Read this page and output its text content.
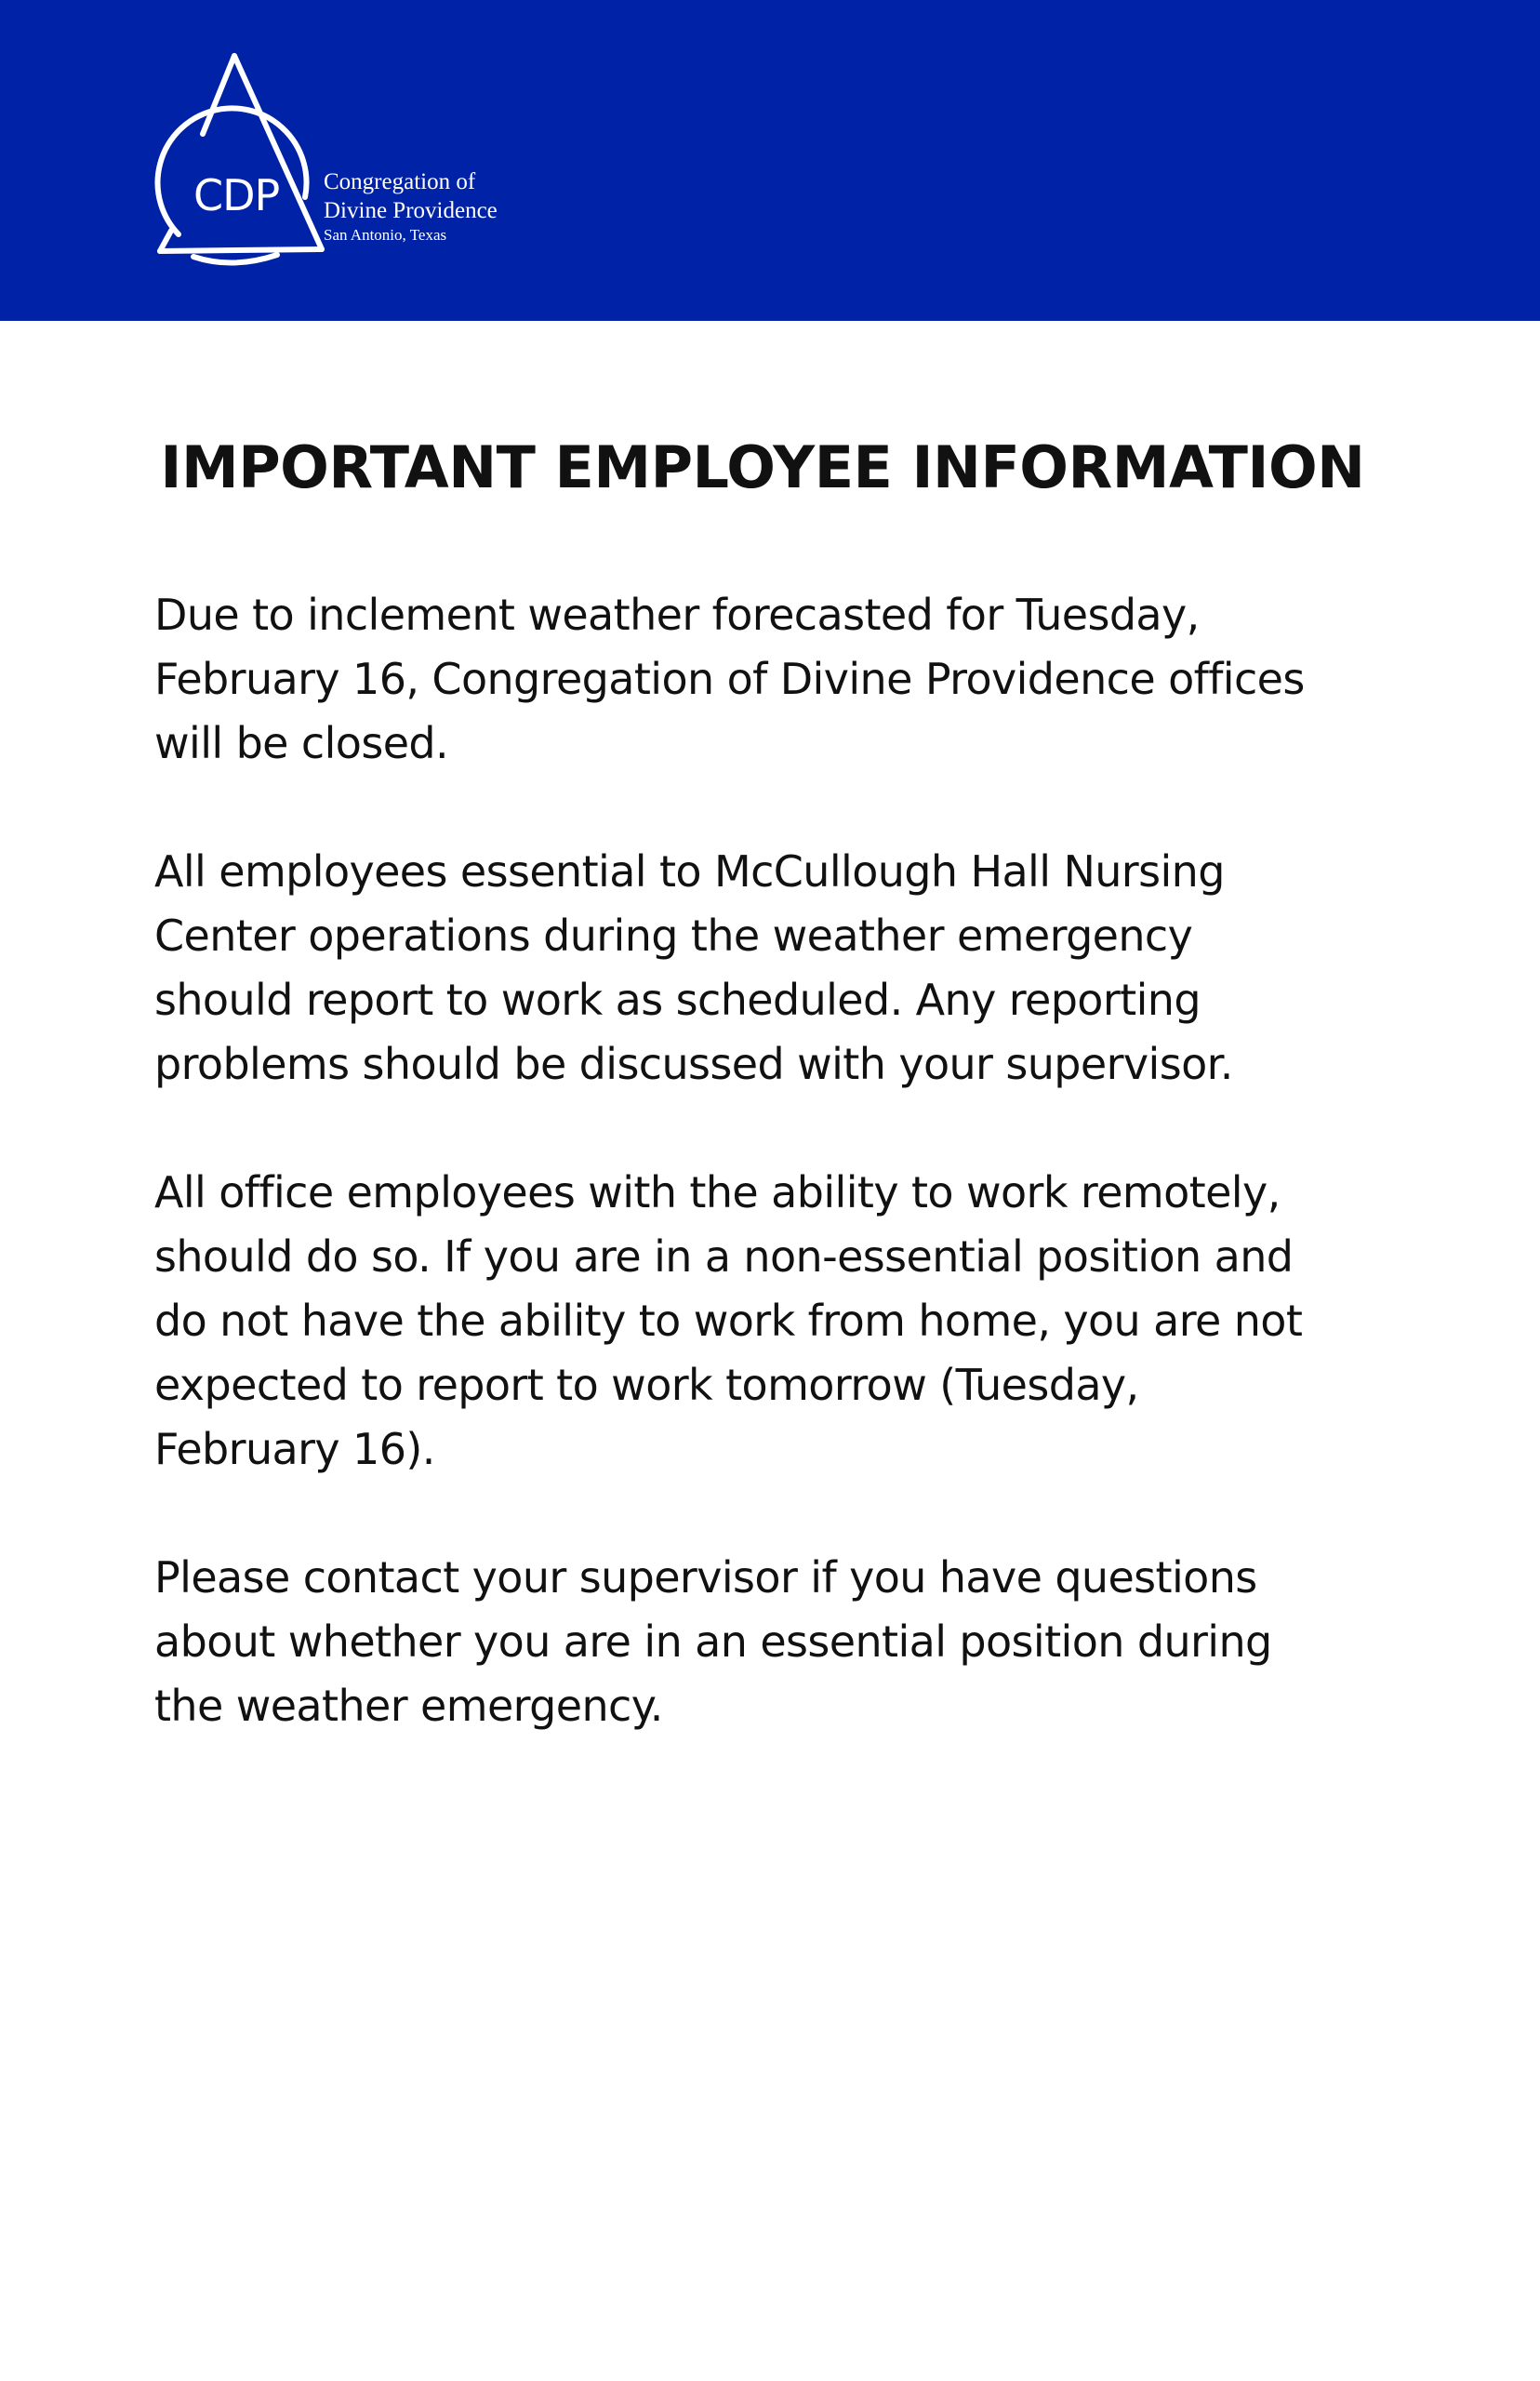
CDP Congregation of
Divine Providence
San Antonio, Texas
IMPORTANT EMPLOYEE INFORMATION

Due to inclement weather forecasted for Tuesday,
February 16, Congregation of Divine Providence offices
will be closed.

All employees essential to McCullough Hall Nursing
Center operations during the weather emergency
should report to work as scheduled. Any reporting
problems should be discussed with your supervisor.

All office employees with the ability to work remotely,
should do so. If you are in a non-essential position and
do not have the ability to work from home, you are not
expected to report to work tomorrow (Tuesday,
February 16).

Please contact your supervisor if you have questions
about whether you are in an essential position during
the weather emergency.
